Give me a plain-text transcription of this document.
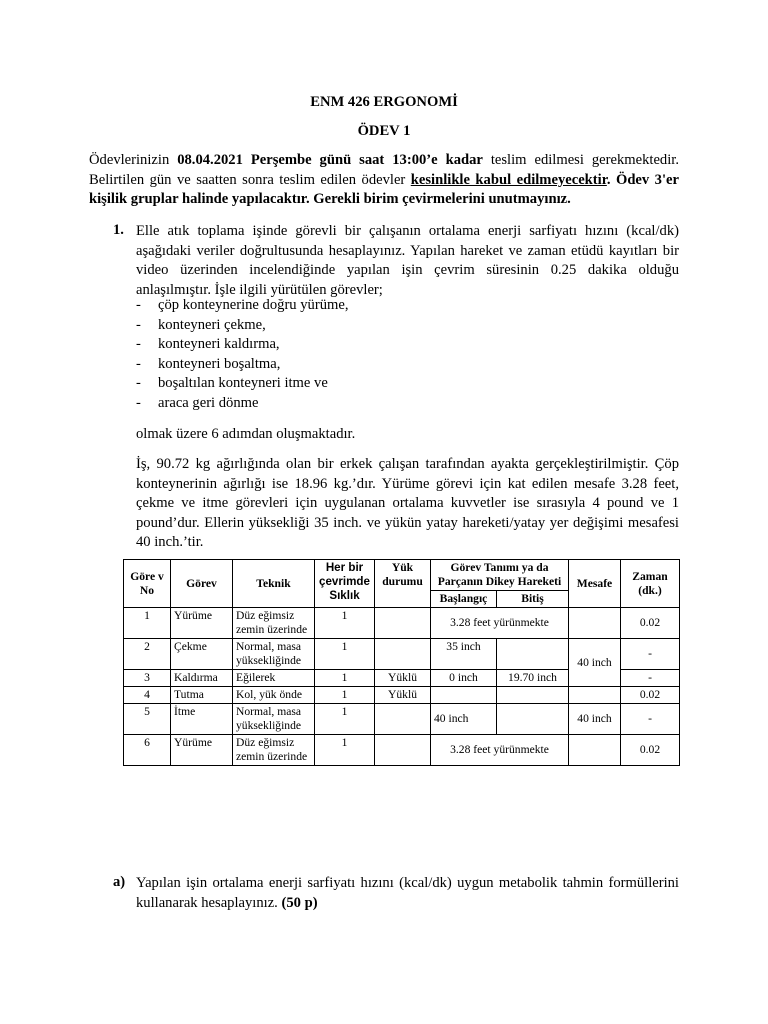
ENM 426 ERGONOMİ
ÖDEV 1
Ödevlerinizin 08.04.2021 Perşembe günü saat 13:00’e kadar teslim edilmesi gerekmektedir. Belirtilen gün ve saatten sonra teslim edilen ödevler kesinlikle kabul edilmeyecektir. Ödev 3'er kişilik gruplar halinde yapılacaktır. Gerekli birim çevirmelerini unutmayınız.
1. Elle atık toplama işinde görevli bir çalışanın ortalama enerji sarfiyatı hızını (kcal/dk) aşağıdaki veriler doğrultusunda hesaplayınız. Yapılan hareket ve zaman etüdü kayıtları bir video üzerinden incelendiğinde yapılan işin çevrim süresinin 0.25 dakika olduğu anlaşılmıştır. İşle ilgili yürütülen görevler;
- çöp konteynerine doğru yürüme,
- konteyneri çekme,
- konteyneri kaldırma,
- konteyneri boşaltma,
- boşaltılan konteyneri itme ve
- araca geri dönme
olmak üzere 6 adımdan oluşmaktadır.
İş, 90.72 kg ağırlığında olan bir erkek çalışan tarafından ayakta gerçekleştirilmiştir. Çöp konteynerinin ağırlığı ise 18.96 kg.’dır. Yürüme görevi için kat edilen mesafe 3.28 feet, çekme ve itme görevleri için uygulanan ortalama kuvvetler ise sırasıyla 4 pound ve 1 pound’dur. Ellerin yüksekliği 35 inch. ve yükün yatay hareketi/yatay yer değişimi mesafesi 40 inch.’tir.
Göre v No	Görev	Teknik	Her bir çevrimde Sıklık	Yük durumu	Görev Tanımı ya da Parçanın Dikey Hareketi		Mesafe	Zaman (dk.)
					Başlangıç	Bitiş		
1	Yürüme	Düz eğimsiz zemin üzerinde	1		3.28 feet yürünmekte			0.02
2	Çekme	Normal, masa yüksekliğinde	1		35 inch		40 inch	-
3	Kaldırma	Eğilerek	1	Yüklü	0 inch	19.70 inch		-
4	Tutma	Kol, yük önde	1	Yüklü				0.02
5	İtme	Normal, masa yüksekliğinde	1		40 inch		40 inch	-
6	Yürüme	Düz eğimsiz zemin üzerinde	1		3.28 feet yürünmekte			0.02
a) Yapılan işin ortalama enerji sarfiyatı hızını (kcal/dk) uygun metabolik tahmin formüllerini kullanarak hesaplayınız. (50 p)
